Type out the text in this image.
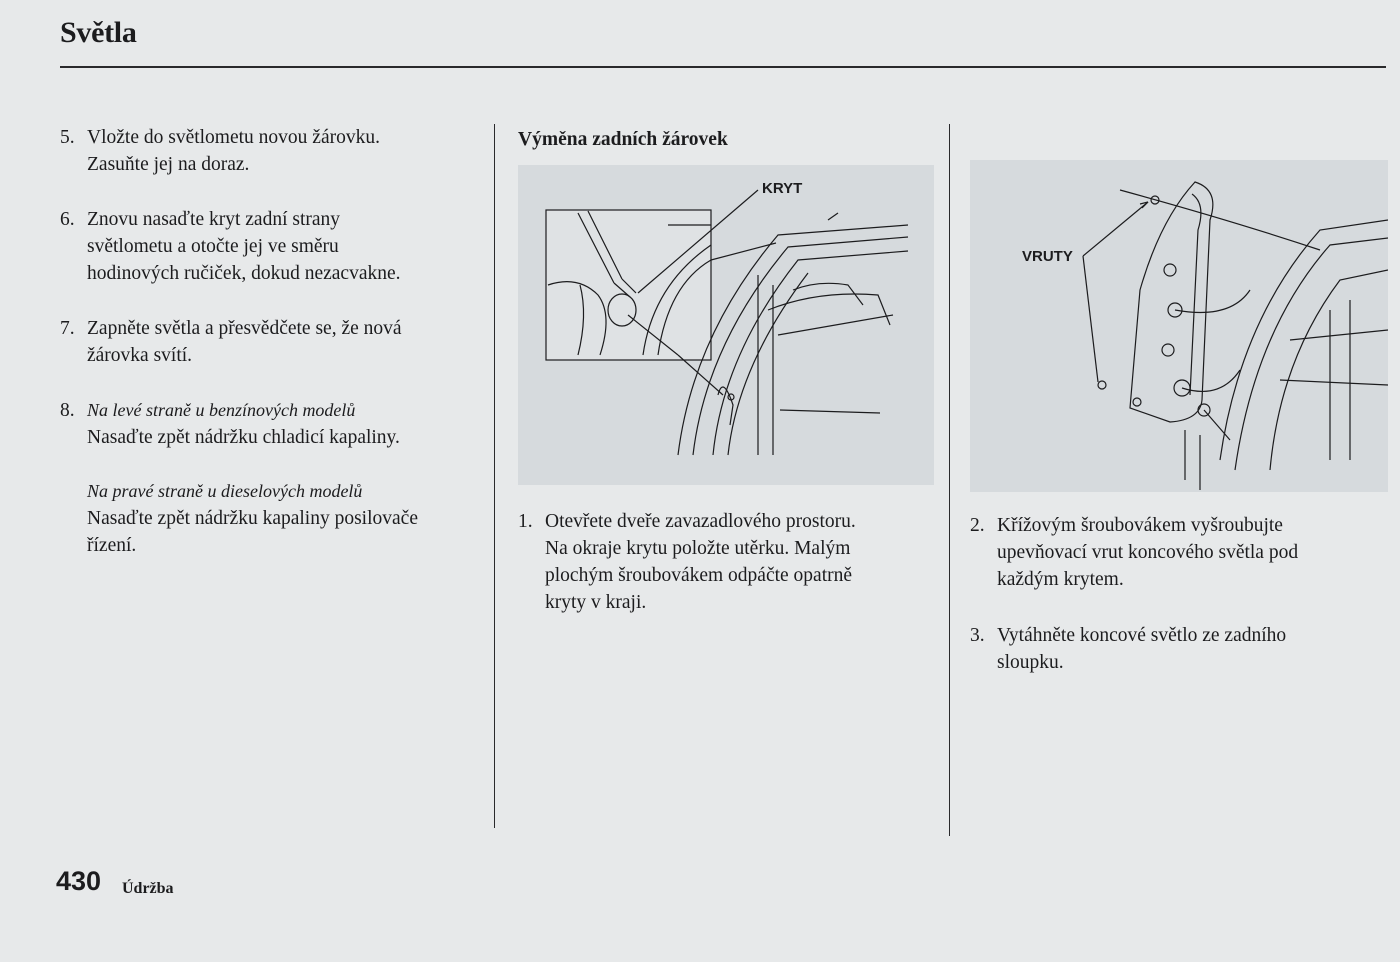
Světla
5. Vložte do světlometu novou žárovku.
Zasuňte jej na doraz.
6. Znovu nasaďte kryt zadní strany
světlometu a otočte jej ve směru
hodinových ručiček, dokud nezacvakne.
7. Zapněte světla a přesvědčete se, že nová
žárovka svítí.
8. Na levé straně u benzínových modelů
Nasaďte zpět nádržku chladicí kapaliny.
Na pravé straně u dieselových modelů
Nasaďte zpět nádržku kapaliny posilovače
řízení.
Výměna zadních žárovek
KRYT
1. Otevřete dveře zavazadlového prostoru.
Na okraje krytu položte utěrku. Malým
plochým šroubovákem odpáčte opatrně
kryty v kraji.
VRUTY
2. Křížovým šroubovákem vyšroubujte
upevňovací vrut koncového světla pod
každým krytem.
3. Vytáhněte koncové světlo ze zadního
sloupku.
430 Údržba
